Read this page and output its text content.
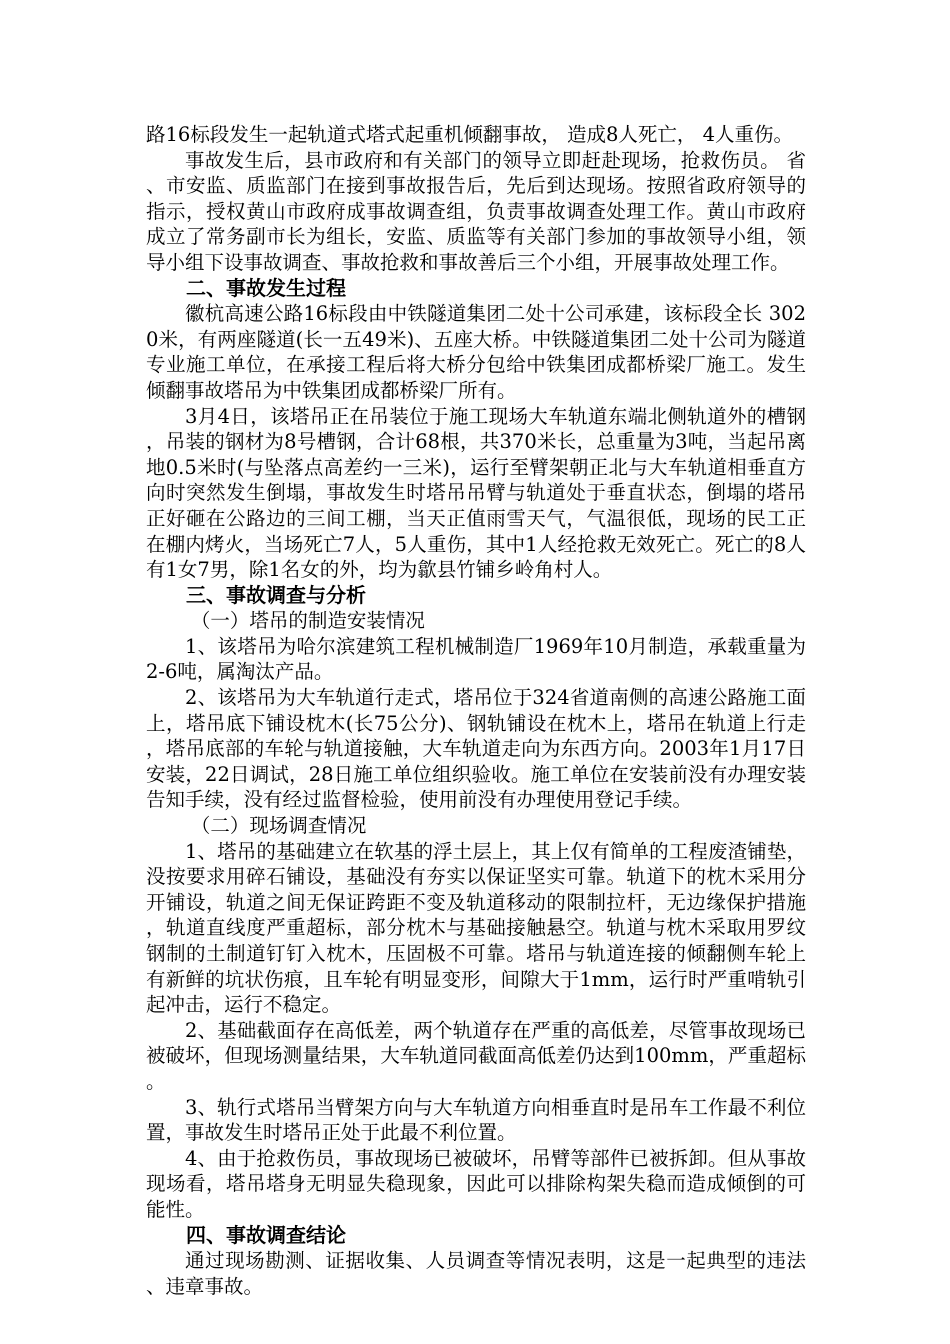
路16标段发生一起轨道式塔式起重机倾翻事故， 造成8人死亡， 4人重伤。

事故发生后，县市政府和有关部门的领导立即赶赴现场，抢救伤员。 省、市安监、质监部门在接到事故报告后，先后到达现场。按照省政府领导的指示，授权黄山市政府成事故调查组，负责事故调查处理工作。黄山市政府成立了常务副市长为组长，安监、质监等有关部门参加的事故领导小组，领导小组下设事故调查、事故抢救和事故善后三个小组，开展事故处理工作。

二、事故发生过程

徽杭高速公路16标段由中铁隧道集团二处十公司承建，该标段全长 3020米，有两座隧道(长一五49米)、五座大桥。中铁隧道集团二处十公司为隧道专业施工单位，在承接工程后将大桥分包给中铁集团成都桥梁厂施工。发生倾翻事故塔吊为中铁集团成都桥梁厂所有。

3月4日，该塔吊正在吊装位于施工现场大车轨道东端北侧轨道外的槽钢，吊装的钢材为8号槽钢，合计68根，共370米长，总重量为3吨，当起吊离地0.5米时(与坠落点高差约一三米)，运行至臂架朝正北与大车轨道相垂直方向时突然发生倒塌，事故发生时塔吊吊臂与轨道处于垂直状态，倒塌的塔吊正好砸在公路边的三间工棚，当天正值雨雪天气，气温很低，现场的民工正在棚内烤火，当场死亡7人，5人重伤，其中1人经抢救无效死亡。死亡的8人有1女7男，除1名女的外，均为歙县竹铺乡岭角村人。

三、事故调查与分析

（一）塔吊的制造安装情况

1、该塔吊为哈尔滨建筑工程机械制造厂1969年10月制造，承载重量为2-6吨，属淘汰产品。

2、该塔吊为大车轨道行走式，塔吊位于324省道南侧的高速公路施工面上，塔吊底下铺设枕木(长75公分)、钢轨铺设在枕木上，塔吊在轨道上行走，塔吊底部的车轮与轨道接触，大车轨道走向为东西方向。2003年1月17日安装，22日调试，28日施工单位组织验收。施工单位在安装前没有办理安装告知手续，没有经过监督检验，使用前没有办理使用登记手续。

（二）现场调查情况

1、塔吊的基础建立在软基的浮土层上，其上仅有简单的工程废渣铺垫，没按要求用碎石铺设，基础没有夯实以保证坚实可靠。轨道下的枕木采用分开铺设，轨道之间无保证跨距不变及轨道移动的限制拉杆，无边缘保护措施，轨道直线度严重超标，部分枕木与基础接触悬空。轨道与枕木采取用罗纹钢制的土制道钉钉入枕木，压固极不可靠。塔吊与轨道连接的倾翻侧车轮上有新鲜的坑状伤痕，且车轮有明显变形，间隙大于1mm，运行时严重啃轨引起冲击，运行不稳定。

2、基础截面存在高低差，两个轨道存在严重的高低差，尽管事故现场已被破坏，但现场测量结果，大车轨道同截面高低差仍达到100mm，严重超标。

3、轨行式塔吊当臂架方向与大车轨道方向相垂直时是吊车工作最不利位置，事故发生时塔吊正处于此最不利位置。

4、由于抢救伤员，事故现场已被破坏，吊臂等部件已被拆卸。但从事故现场看，塔吊塔身无明显失稳现象，因此可以排除构架失稳而造成倾倒的可能性。

四、事故调查结论

通过现场勘测、证据收集、人员调查等情况表明，这是一起典型的违法、违章事故。
